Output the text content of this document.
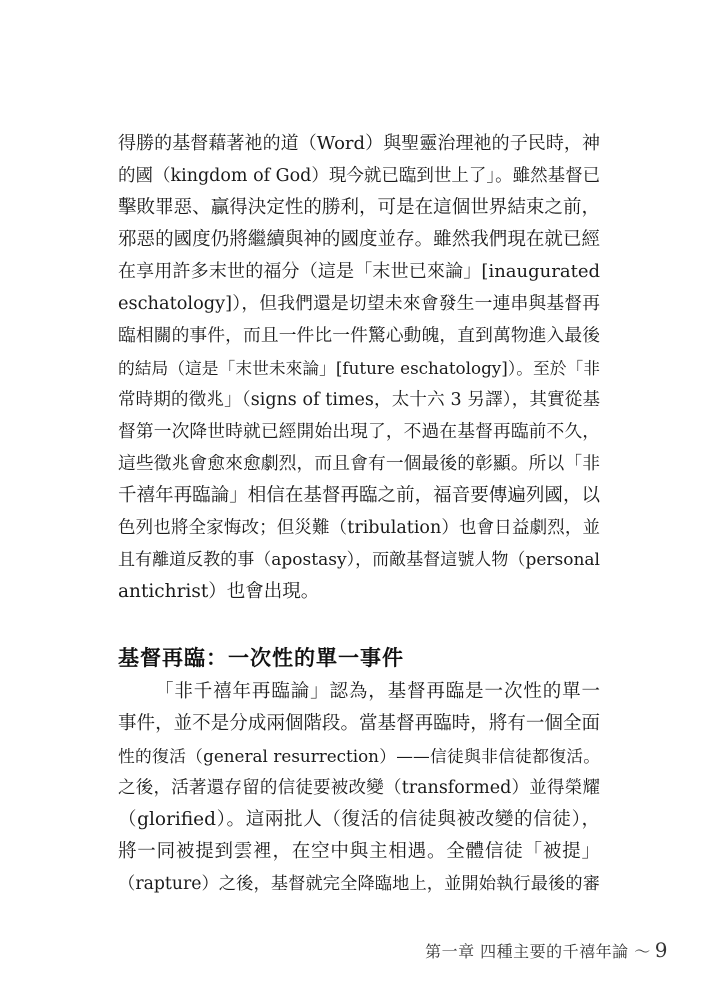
得勝的基督藉著祂的道（Word）與聖靈治理祂的子民時，神
的國（kingdom of God）現今就已臨到世上了」。雖然基督已
擊敗罪惡、贏得決定性的勝利，可是在這個世界結束之前，
邪惡的國度仍將繼續與神的國度並存。雖然我們現在就已經
在享用許多末世的福分（這是「末世已來論」[inaugurated
eschatology]），但我們還是切望未來會發生一連串與基督再
臨相關的事件，而且一件比一件驚心動魄，直到萬物進入最後
的結局（這是「末世未來論」[future eschatology]）。至於「非
常時期的徵兆」（signs of times，太十六 3 另譯），其實從基
督第一次降世時就已經開始出現了，不過在基督再臨前不久，
這些徵兆會愈來愈劇烈，而且會有一個最後的彰顯。所以「非
千禧年再臨論」相信在基督再臨之前，福音要傳遍列國，以
色列也將全家悔改；但災難（tribulation）也會日益劇烈，並
且有離道反教的事（apostasy），而敵基督這號人物（personal
antichrist）也會出現。
基督再臨：一次性的單一事件
「非千禧年再臨論」認為，基督再臨是一次性的單一
事件，並不是分成兩個階段。當基督再臨時，將有一個全面
性的復活（general resurrection）——信徒與非信徒都復活。
之後，活著還存留的信徒要被改變（transformed）並得榮耀
（glorified）。這兩批人（復活的信徒與被改變的信徒），
將一同被提到雲裡，在空中與主相遇。全體信徒「被提」
（rapture）之後，基督就完全降臨地上，並開始執行最後的審
第一章 四種主要的千禧年論 ～ 9
